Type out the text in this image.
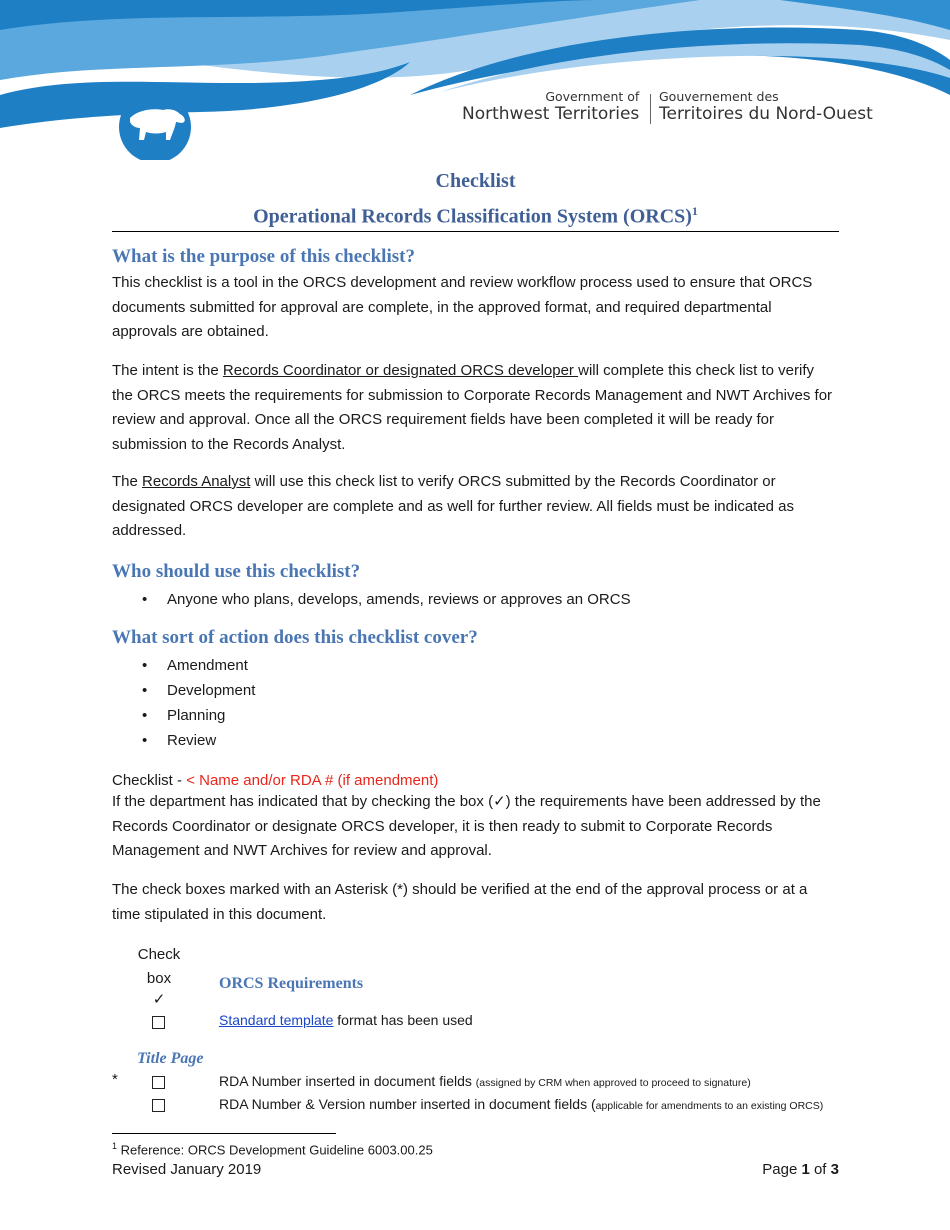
Government of
Northwest Territories
Gouvernement des
Territoires du Nord-Ouest
Checklist
Operational Records Classification System (ORCS)$^1$
What is the purpose of this checklist?
This checklist is a tool in the ORCS development and review workflow process used to ensure that ORCS documents submitted for approval are complete, in the approved format, and required departmental approvals are obtained.
The intent is the Records Coordinator or designated ORCS developer will complete this check list to verify the ORCS meets the requirements for submission to Corporate Records Management and NWT Archives for review and approval. Once all the ORCS requirement fields have been completed it will be ready for submission to the Records Analyst.
The Records Analyst will use this check list to verify ORCS submitted by the Records Coordinator or designated ORCS developer are complete and as well for further review. All fields must be indicated as addressed.
Who should use this checklist?
• Anyone who plans, develops, amends, reviews or approves an ORCS
What sort of action does this checklist cover?
• Amendment
• Development
• Planning
• Review
Checklist - < Name and/or RDA # (if amendment)
If the department has indicated that by checking the box (✓) the requirements have been addressed by the Records Coordinator or designate ORCS developer, it is then ready to submit to Corporate Records Management and NWT Archives for review and approval.
The check boxes marked with an Asterisk (*) should be verified at the end of the approval process or at a time stipulated in this document.
Check
box
✓
ORCS Requirements
Standard template format has been used
Title Page
*	RDA Number inserted in document fields (assigned by CRM when approved to proceed to signature)
RDA Number & Version number inserted in document fields (applicable for amendments to an existing ORCS)
$^1$ Reference: ORCS Development Guideline 6003.00.25
Revised January 2019	Page 1 of 3
